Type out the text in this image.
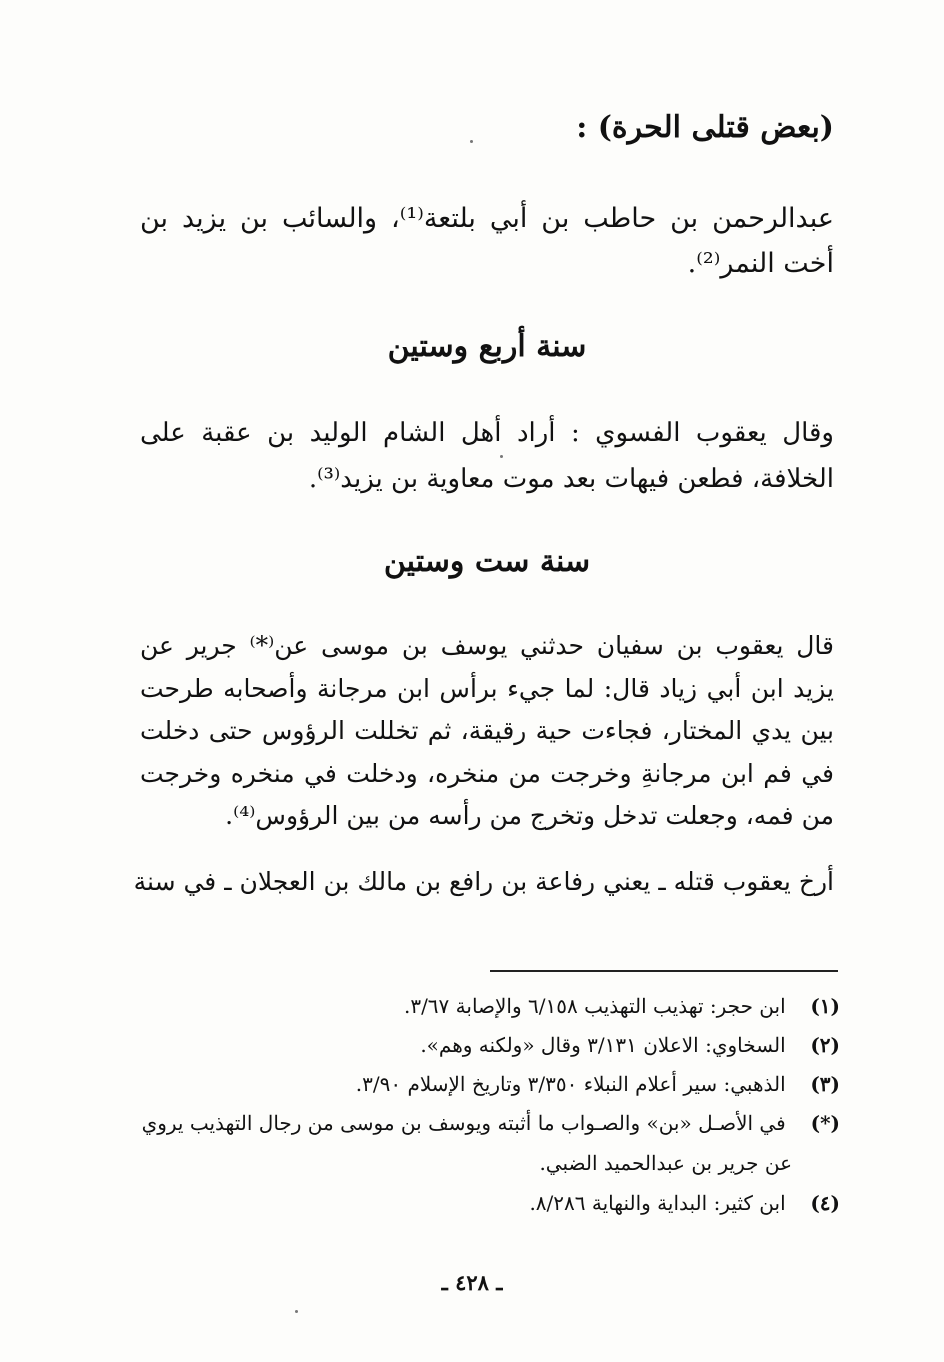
(بعض قتلى الحرة) :
عبدالرحمن بن حاطب بن أبي بلتعة⁽¹⁾، والسائب بن يزيد بن أخت النمر⁽²⁾.
سنة أربع وستين
وقال يعقوب الفسوي : أراد أهل الشام الوليد بن عقبة على الخلافة، فطعن فيهات بعد موت معاوية بن يزيد⁽³⁾.
سنة ست وستين
قال يعقوب بن سفيان حدثني يوسف بن موسى عن⁽*⁾ جرير عن يزيد ابن أبي زياد قال: لما جيء برأس ابن مرجانة وأصحابه طرحت بين يدي المختار، فجاءت حية رقيقة، ثم تخللت الرؤوس حتى دخلت في فم ابن مرجانةِ وخرجت من منخره، ودخلت في منخره وخرجت من فمه، وجعلت تدخل وتخرج من رأسه من بين الرؤوس⁽⁴⁾.
أرخ يعقوب قتله ـ يعني رفاعة بن رافع بن مالك بن العجلان ـ في سنة
(١) ابن حجر: تهذيب التهذيب ٦/١٥٨ والإصابة ٣/٦٧.
(٢) السخاوي: الاعلان ٣/١٣١ وقال «ولكنه وهم».
(٣) الذهبي: سير أعلام النبلاء ٣/٣٥٠ وتاريخ الإسلام ٣/٩٠.
(*) في الأصـل «بن» والصـواب ما أثبته ويوسف بن موسى من رجال التهذيب يروي
عن جرير بن عبدالحميد الضبي.
(٤) ابن كثير: البداية والنهاية ٨/٢٨٦.
ـ ٤٢٨ ـ
